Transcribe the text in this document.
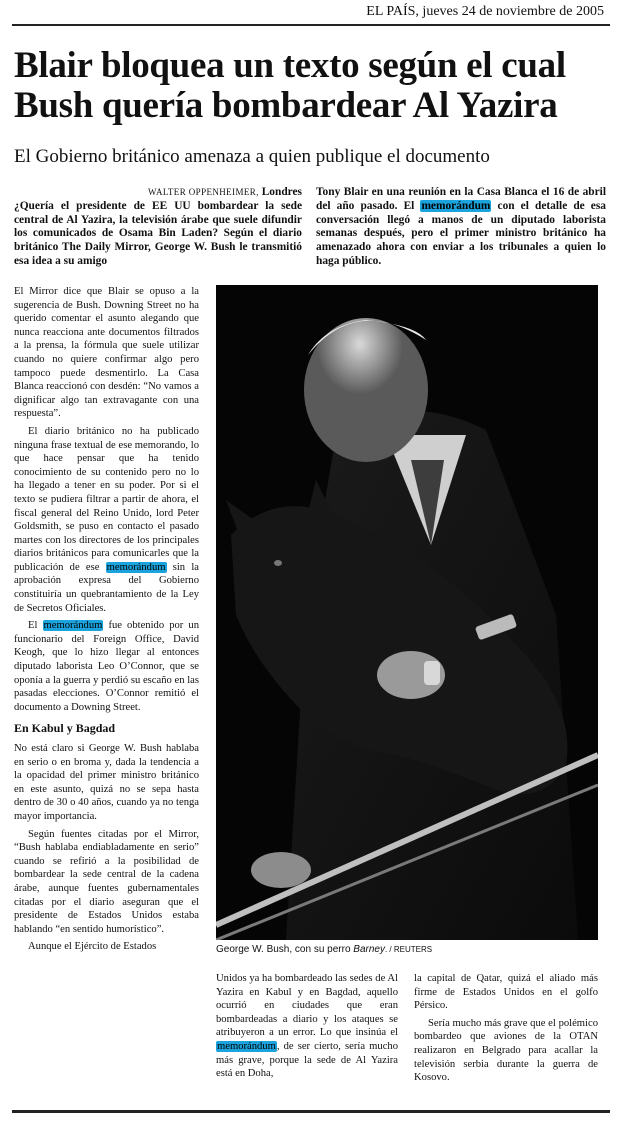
EL PAÍS, jueves 24 de noviembre de 2005
Blair bloquea un texto según el cual
Bush quería bombardear Al Yazira
El Gobierno británico amenaza a quien publique el documento
WALTER OPPENHEIMER, Londres
¿Quería el presidente de EE UU bombardear la sede central de Al Yazira, la televisión árabe que suele difundir los comunicados de Osama Bin Laden? Según el diario británico The Daily Mirror, George W. Bush le transmitió esa idea a su amigo
Tony Blair en una reunión en la Casa Blanca el 16 de abril del año pasado. El memorándum con el detalle de esa conversación llegó a manos de un diputado laborista semanas después, pero el primer ministro británico ha amenazado ahora con enviar a los tribunales a quien lo haga público.

El Mirror dice que Blair se opuso a la sugerencia de Bush. Downing Street no ha querido comentar el asunto alegando que nunca reacciona ante documentos filtrados a la prensa, la fórmula que suele utilizar cuando no quiere confirmar algo pero tampoco puede desmentirlo. La Casa Blanca reaccionó con desdén: “No vamos a dignificar algo tan extravagante con una respuesta”.

El diario británico no ha publicado ninguna frase textual de ese memorando, lo que hace pensar que ha tenido conocimiento de su contenido pero no lo ha llegado a tener en su poder. Por si el texto se pudiera filtrar a partir de ahora, el fiscal general del Reino Unido, lord Peter Goldsmith, se puso en contacto el pasado martes con los directores de los principales diarios británicos para comunicarles que la publicación de ese memorándum sin la aprobación expresa del Gobierno constituiría un quebrantamiento de la Ley de Secretos Oficiales.

El memorándum fue obtenido por un funcionario del Foreign Office, David Keogh, que lo hizo llegar al entonces diputado laborista Leo O’Connor, que se oponía a la guerra y perdió su escaño en las pasadas elecciones. O’Connor remitió el documento a Downing Street.

En Kabul y Bagdad

No está claro si George W. Bush hablaba en serio o en broma y, dada la tendencia a la opacidad del primer ministro británico en este asunto, quizá no se sepa hasta dentro de 30 o 40 años, cuando ya no tenga mayor importancia.

Según fuentes citadas por el Mirror, “Bush hablaba endiabladamente en serio” cuando se refirió a la posibilidad de bombardear la sede central de la cadena árabe, aunque fuentes gubernamentales citadas por el diario aseguran que el presidente de Estados Unidos estaba hablando “en sentido humorístico”.

Aunque el Ejército de Estados	George W. Bush, con su perro Barney. / REUTERS

Unidos ya ha bombardeado las sedes de Al Yazira en Kabul y en Bagdad, aquello ocurrió en ciudades que eran bombardeadas a diario y los ataques se atribuyeron a un error. Lo que insinúa el memorándum, de ser cierto, sería mucho más grave, porque la sede de Al Yazira está en Doha,

la capital de Qatar, quizá el aliado más firme de Estados Unidos en el golfo Pérsico.

Sería mucho más grave que el polémico bombardeo que aviones de la OTAN realizaron en Belgrado para acallar la televisión serbia durante la guerra de Kosovo.
